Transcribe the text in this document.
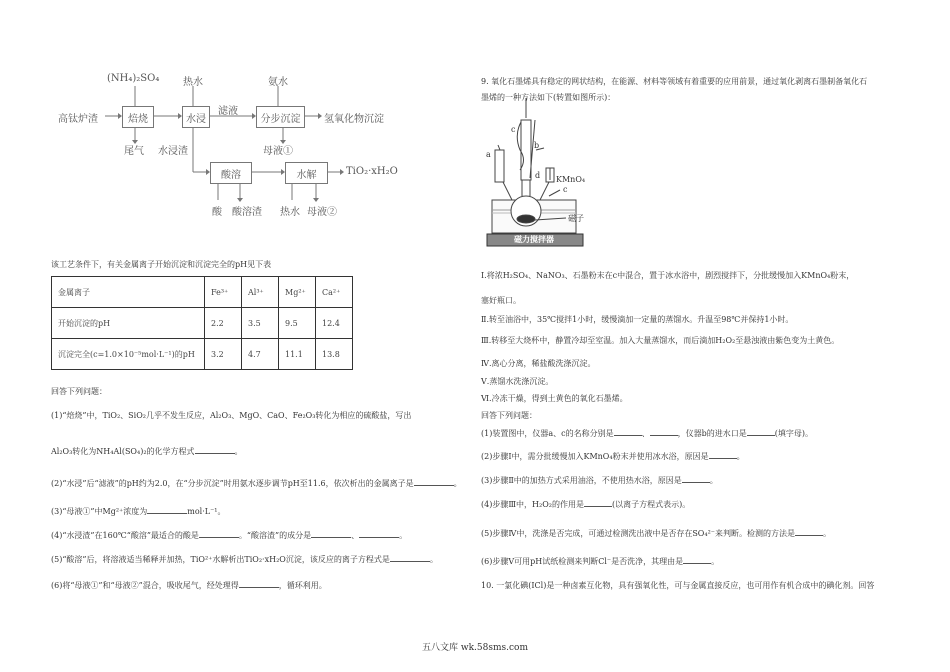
(NH₄)₂SO₄ 热水	氨水
高钛炉渣	焙烧	水浸
滤液
分步沉淀	氢氧化物沉淀
尾气 水浸渣	母液①
酸溶	水解	TiO₂·xH₂O
酸 酸溶渣 热水 母液②
该工艺条件下，有关金属离子开始沉淀和沉淀完全的pH见下表
金属离子	Fe³⁺	Al³⁺	Mg²⁺	Ca²⁺
开始沉淀的pH	2.2	3.5	9.5	12.4
沉淀完全(c=1.0×10⁻⁵mol·L⁻¹)的pH	3.2	4.7	11.1	13.8
回答下列问题：
(1)“焙烧”中，TiO₂、SiO₂几乎不发生反应，Al₂O₃、MgO、CaO、Fe₂O₃转化为相应的硫酸盐，写出
Al₂O₃转化为NH₄Al(SO₄)₂的化学方程式	。
(2)“水浸”后“滤液”的pH约为2.0，在“分步沉淀”时用氨水逐步调节pH至11.6，依次析出的金属离子是	。
(3)“母液①”中Mg²⁺浓度为	mol·L⁻¹。
(4)“水浸渣”在160℃“酸溶”最适合的酸是	。“酸溶渣”的成分是	、	。
(5)“酸溶”后，将溶液适当稀释并加热，TiO²⁺水解析出TiO₂·xH₂O沉淀，该反应的离子方程式是	。
(6)将“母液①”和“母液②”混合，吸收尾气，经处理得	，循环利用。
9. 氧化石墨烯具有稳定的网状结构，在能源、材料等领域有着重要的应用前景，通过氧化剥离石墨制备氧化石
墨烯的一种方法如下(转置如图所示)：
a
b
c
d KMnO₄
c
磁子
磁力搅拌器
Ⅰ.将浓H₂SO₄、NaNO₃、石墨粉末在c中混合，置于冰水浴中，剧烈搅拌下，分批缓慢加入KMnO₄粉末，
塞好瓶口。
Ⅱ.转至油浴中，35℃搅拌1小时，缓慢滴加一定量的蒸馏水。升温至98℃并保持1小时。
Ⅲ.转移至大烧杯中，静置冷却至室温。加入大量蒸馏水，而后滴加H₂O₂至悬浊液由紫色变为土黄色。
Ⅳ.离心分离，稀盐酸洗涤沉淀。
Ⅴ.蒸馏水洗涤沉淀。
Ⅵ.冷冻干燥，得到土黄色的氧化石墨烯。
回答下列问题：
(1)装置图中，仪器a、c的名称分别是	、	，仪器b的进水口是	(填字母)。
(2)步骤Ⅰ中，需分批缓慢加入KMnO₄粉末并使用冰水浴，原因是	。
(3)步骤Ⅱ中的加热方式采用油浴，不使用热水浴，原因是	。
(4)步骤Ⅲ中，H₂O₂的作用是	(以离子方程式表示)。
(5)步骤Ⅳ中，洗涤是否完成，可通过检测洗出液中是否存在SO₄²⁻来判断。检测的方法是	。
(6)步骤Ⅴ可用pH试纸检测来判断Cl⁻是否洗净，其理由是	。
10. 一氯化碘(ICl)是一种卤素互化物，具有强氧化性，可与金属直接反应，也可用作有机合成中的碘化剂。回答
五八文库 wk.58sms.com
